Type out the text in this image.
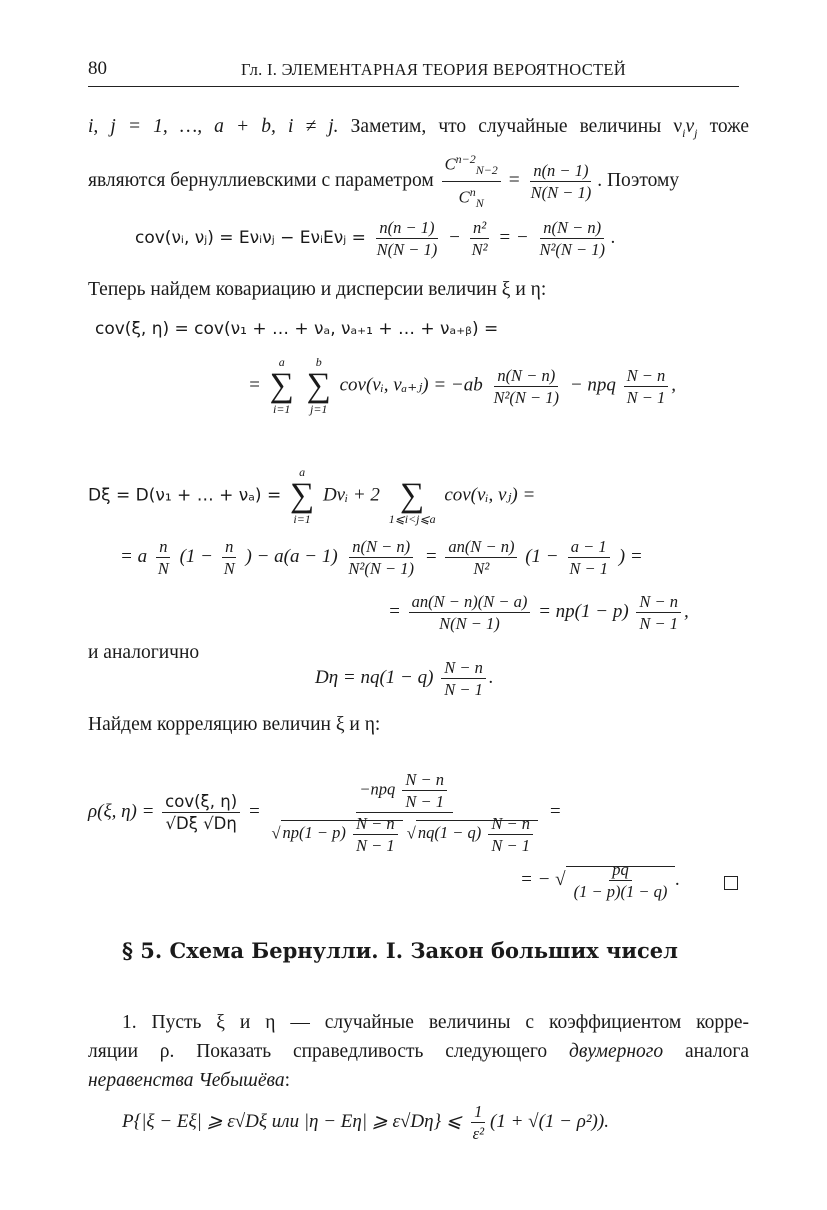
80	Гл. I. ЭЛЕМЕНТАРНАЯ ТЕОРИЯ ВЕРОЯТНОСТЕЙ
i, j = 1, …, a + b, i ≠ j. Заметим, что случайные величины $\nu_i\nu_j$ тоже
являются бернуллиевскими с параметром $\frac{C^{n-2}_{N-2}}{C^n_N} = \frac{n(n - 1)}{N(N - 1)}$ . Поэтому
cov(νᵢ, νⱼ) = Eνᵢνⱼ − EνᵢEνⱼ = $\frac{n(n - 1)}{N(N - 1)} - \frac{\text{n²}}{\text{N²}}$ = − $\frac{n(N - n)}{\text{N²(N − 1)}}$ .
Теперь найдем ковариацию и дисперсии величин ξ и η:
cov(ξ, η) = cov(ν₁ + … + νₐ, νₐ₊₁ + … + νₐ₊ᵦ) =
=
a
∑
i=1

b
∑
j=1
cov(νᵢ, νₐ₊ⱼ) = $-ab \frac{n(N - n)}{\text{N²(N − 1)}}$ − npq $\frac{N - n}{N - 1}$ ,
Dξ = D(ν₁ + … + νₐ) =
a
∑
i=1
Dνᵢ + 2
∑
1⩽i<j⩽a
cov(νᵢ, νⱼ) =
= a $\frac{n}{N} (1 - \frac{n}{N}$ ) − $a(a - 1) \frac{n(N - n)}{\text{N²(N − 1)}} = \frac{an(N - n)}{\text{N²}} (1 - \frac{a - 1}{N - 1}$ ) =
= $\frac{an(N - n)(N - a)}{N(N - 1)} = np(1 - p) \frac{N - n}{N - 1}$ ,
и аналогично
$D\eta = nq(1 - q) \frac{N - n}{N - 1}$ .
Найдем корреляцию величин ξ и η:
ρ(ξ, $\eta) = \frac{\text{cov(ξ, η)}}{√D\xi √D\eta}$ =
$-npq \frac{N - n}{N - 1}$
√ $np(1 - p) \frac{N - n}{N - 1}$ √ $nq(1 - q) \frac{N - n}{N - 1}$
=
= − √ $\frac{pq}{(1 - p)(1 - q)}$ .
§ 5. Схема Бернулли. I. Закон больших чисел
1. Пусть ξ и η — случайные величины с коэффициентом корре-
ляции ρ. Показать справедливость следующего двумерного аналога
неравенства Чебышёва:
P{|ξ − Eξ| ⩾ ε√Dξ или |η − Eη| ⩾ ε√Dη} ⩽ $\frac{1}{\text{ε²}} (1 + √(1 - \rho^2))$.
